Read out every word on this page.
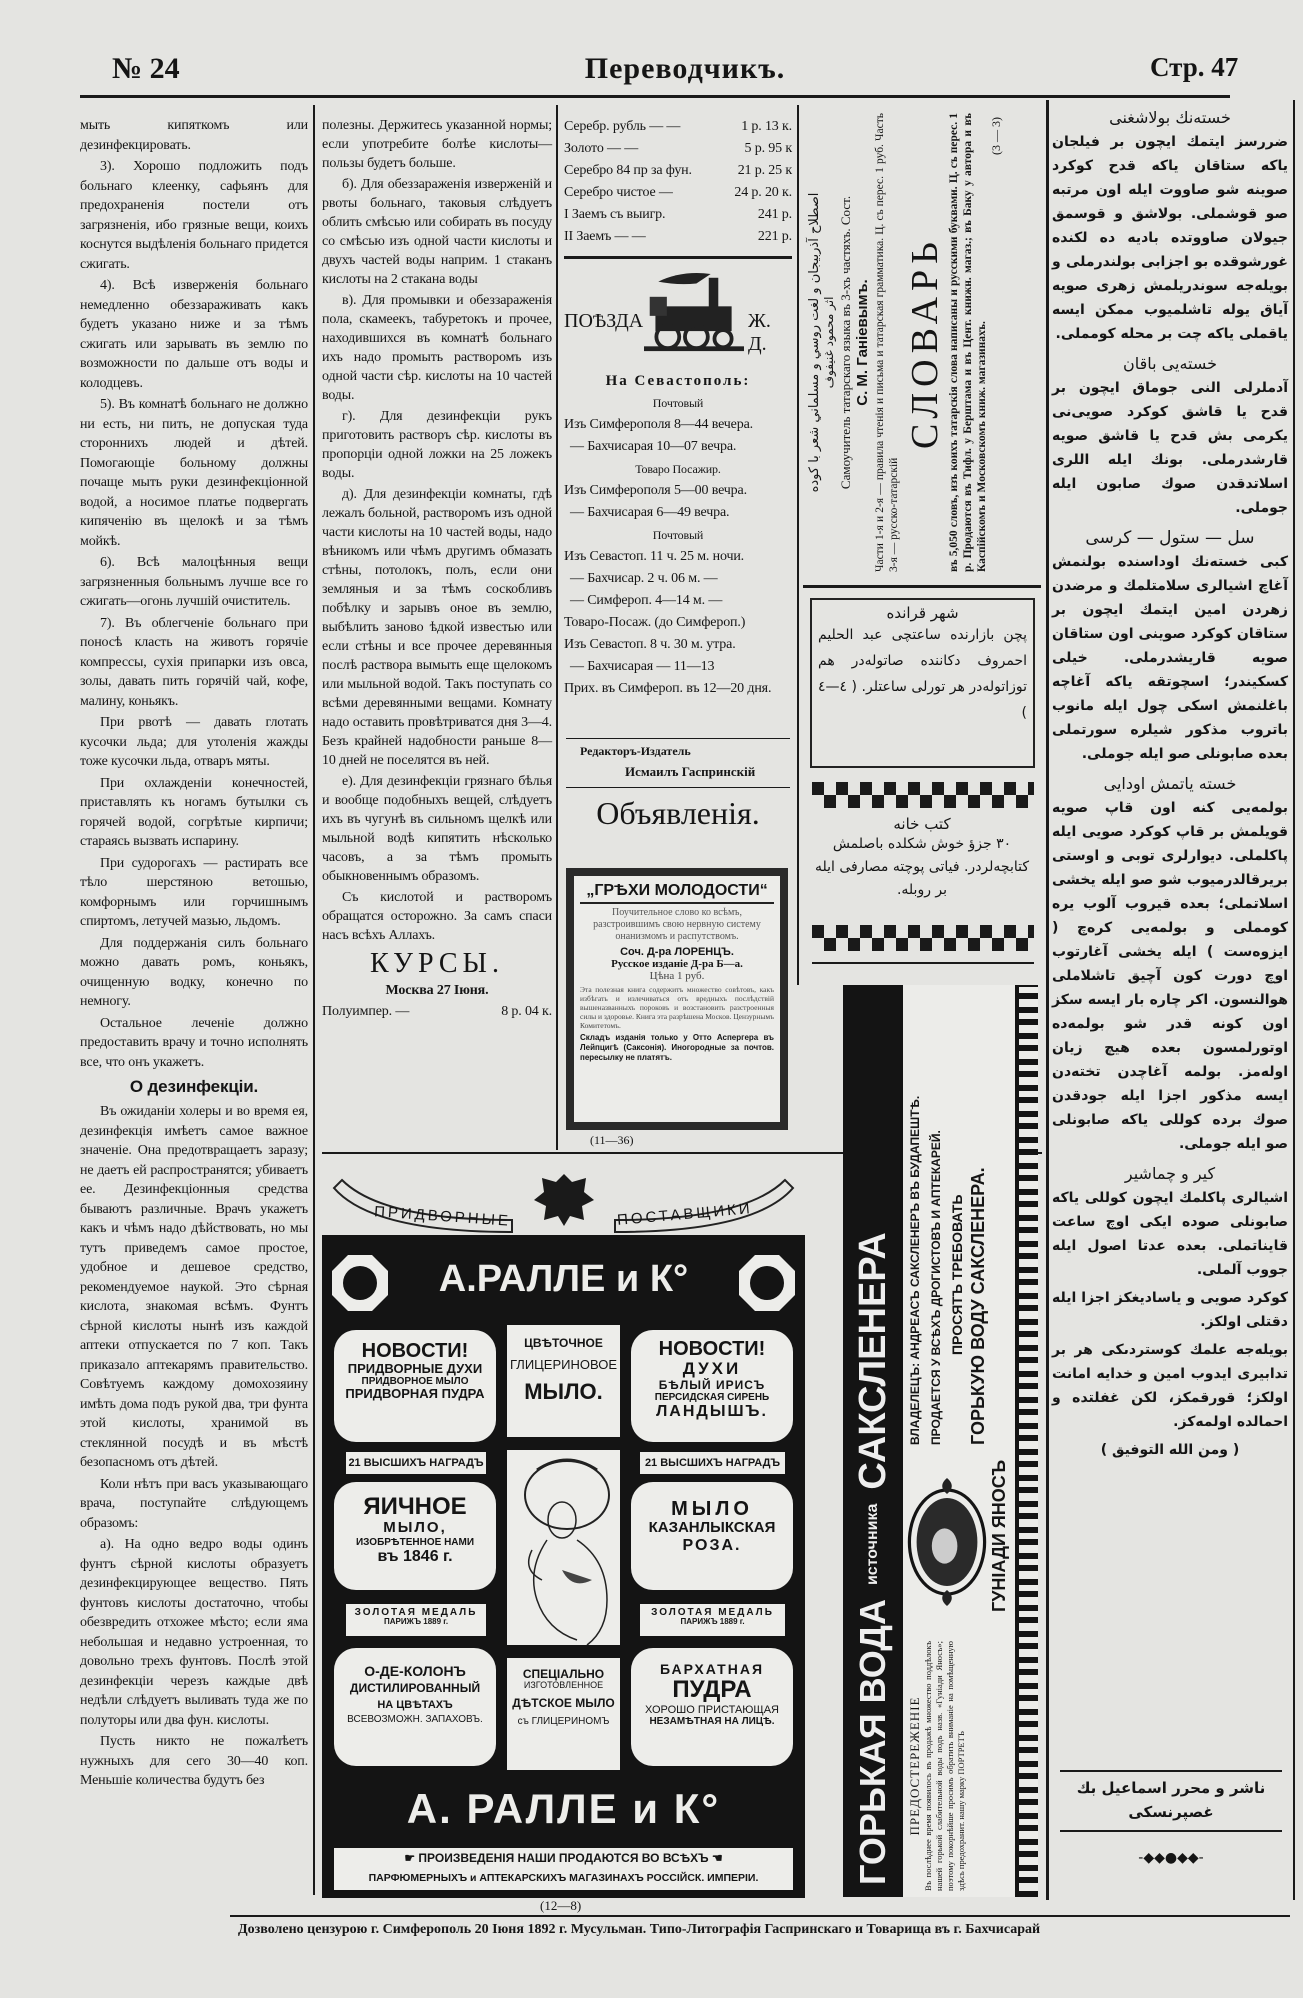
№ 24	Переводчикъ.	Стр. 47

мыть кипяткомъ или дезинфекцировать.

3). Хорошо подложить подъ больнаго клеенку, сафьянъ для предохраненія постели отъ загрязненія, ибо грязные вещи, коихъ коснутся выдѣленія больнаго придется сжигать.

4). Всѣ изверженія больнаго немедленно обеззараживать какъ будетъ указано ниже и за тѣмъ сжигать или зарывать въ землю по возможности по дальше отъ воды и колодцевъ.

5). Въ комнатѣ больнаго не должно ни есть, ни пить, не допуская туда стороннихъ людей и дѣтей. Помогающіе больному должны почаще мыть руки дезинфекціонной водой, а носимое платье подвергать кипяченію въ щелокѣ и за тѣмъ мойкѣ.

6). Всѣ малоцѣнныя вещи загрязненныя больнымъ лучше все го сжигать—огонь лучшій очиститель.

7). Въ облегченіе больнаго при поносѣ класть на животъ горячіе компрессы, сухія припарки изъ овса, золы, давать пить горячій чай, кофе, малину, коньякъ.

При рвотѣ — давать глотать кусочки льда; для утоленія жажды тоже кусочки льда, отваръ мяты.

При охлажденіи конечностей, приставлять къ ногамъ бутылки съ горячей водой, согрѣтые кирпичи; стараясь вызвать испарину.

При судорогахъ — растирать все тѣло шерстяною ветошью, комфорнымъ или горчишнымъ спиртомъ, летучей мазью, льдомъ.

Для поддержанія силъ больнаго можно давать ромъ, коньякъ, очищенную водку, конечно по немногу.

Остальное леченіе должно предоставить врачу и точно исполнять все, что онъ укажетъ.

О дезинфекціи.

Въ ожиданіи холеры и во время ея, дезинфекція имѣетъ самое важное значеніе. Она предотвращаетъ заразу; не даетъ ей распространятся; убиваетъ ее. Дезинфекціонныя средства бываютъ различные. Врачъ укажетъ какъ и чѣмъ надо дѣйствовать, но мы тутъ приведемъ самое простое, удобное и дешевое средство, рекомендуемое наукой. Это сѣрная кислота, знакомая всѣмъ. Фунтъ сѣрной кислоты нынѣ изъ каждой аптеки отпускается по 7 коп. Такъ приказало аптекарямъ правительство. Совѣтуемъ каждому домохозяину имѣть дома подъ рукой два, три фунта этой кислоты, хранимой въ стеклянной посудѣ и въ мѣстѣ безопасномъ отъ дѣтей.

Коли нѣтъ при васъ указывающаго врача, поступайте слѣдующемъ образомъ:

а). На одно ведро воды одинъ фунтъ сѣрной кислоты образуетъ дезинфекцирующее вещество. Пять фунтовъ кислоты достаточно, чтобы обезвредить отхожее мѣсто; если яма небольшая и недавно устроенная, то довольно трехъ фунтовъ. Послѣ этой дезинфекціи черезъ каждые двѣ недѣли слѣдуетъ выливать туда же по полуторы или два фун. кислоты.

Пусть никто не пожалѣетъ нужныхъ для сего 30—40 коп. Меньшіе количества будутъ без

полезны. Держитесь указанной нормы; если употребите болѣе кислоты—пользы будетъ больше.

б). Для обеззараженія изверженій и рвоты больнаго, таковыя слѣдуетъ облить смѣсью или собирать въ посуду со смѣсью изъ одной части кислоты и двухъ частей воды наприм. 1 стаканъ кислоты на 2 стакана воды

в). Для промывки и обеззараженія пола, скамеекъ, табуретокъ и прочее, находившихся въ комнатѣ больнаго ихъ надо промыть растворомъ изъ одной части сѣр. кислоты на 10 частей воды.

г). Для дезинфекціи рукъ приготовить растворъ сѣр. кислоты въ пропорціи одной ложки на 25 ложекъ воды.

д). Для дезинфекціи комнаты, гдѣ лежалъ больной, растворомъ изъ одной части кислоты на 10 частей воды, надо вѣникомъ или чѣмъ другимъ обмазать стѣны, потолокъ, полъ, если они земляныя и за тѣмъ соскобливъ побѣлку и зарывъ оное въ землю, выбѣлить заново ѣдкой известью или если стѣны и все прочее деревянныя послѣ раствора вымыть еще щелокомъ или мыльной водой. Такъ поступать со всѣми деревянными вещами. Комнату надо оставить провѣтриватся дня 3—4. Безъ крайней надобности раньше 8—10 дней не поселятся въ ней.

е). Для дезинфекціи грязнаго бѣлья и вообще подобныхъ вещей, слѣдуетъ ихъ въ чугунѣ въ сильномъ щелкѣ или мыльной водѣ кипятить нѣсколько часовъ, а за тѣмъ промыть обыкновеннымъ образомъ.

Съ кислотой и растворомъ обращатся осторожно. За самъ спаси насъ всѣхъ Аллахъ.

КУРСЫ.
Москва 27 Іюня.
Полуимпер. —	8 р. 04 к.
Серебр. рубль — —	1 р. 13 к.
Золото — —	5 р. 95 к
Серебро 84 пр за фун.	21 р. 25 к
Серебро чистое —	24 р. 20 к.
I Заемъ съ выигр.	241 р.
II Заемъ — —	221 р.
ПОѢЗДА	Ж. Д.
На Севастополь:
Почтовый
Изъ Симферополя 8—44 вечера.
— Бахчисарая 10—07 вечра.
Товаро Посажир.
Изъ Симферополя 5—00 вечра.
— Бахчисарая 6—49 вечра.
Почтовый
Изъ Севастоп. 11 ч. 25 м. ночи.
— Бахчисар. 2 ч. 06 м. —
— Симфероп. 4—14 м. —
Товаро-Посаж. (до Симфероп.)
Изъ Севастоп. 8 ч. 30 м. утра.
— Бахчисарая — 11—13
Прих. въ Симфероп. въ 12—20 дня.
Редакторъ-Издатель
Исмаилъ Гаспринскій
Объявленія.
„ГРѢХИ МОЛОДОСТИ“
Поучительное слово ко всѣмъ, разстроившимъ свою нервную систему онанизмомъ и распутствомъ.
Соч. Д-ра ЛОРЕНЦЪ.
Русское изданіе Д-ра Б—а.
Цѣна 1 руб.
Эта полезная книга содержитъ множество совѣтовъ, какъ избѣгать и излечиваться отъ вредныхъ послѣдствій вышеназванныхъ пороковъ и возстановить разстроенныя силы и здоровье. Книга эта разрѣшена Москов. Цензурнымъ Комитетомъ.
Складъ изданія только у Отто Аспергера въ Лейпцигѣ (Саксонія). Иногородные за почтов. пересылку не платятъ.
(11—36)
اصطلاح آذربيجان و لغت روسي و مسلماني شعر با كوده اثر محمود غنيفوف Самоучитель татарскаго языка въ 3-хъ частяхъ. Сост. С. М. Ганіевымъ. Части 1-я и 2-я — правила чтенія и письма и татарская грамматика. Ц. съ перес. 1 руб. Часть 3-я — русско-татарскій
СЛОВАРЬ въ 5,050 словъ, изъ коихъ татарскія слова написаны и русскими буквами. Ц. съ перес. 1 р. Продаются въ Тифл. у Берштама и въ Цент. книжн. магаз.; въ Баку у автора и въ Каспійскомъ и Московскомъ книж. магазинахъ.
(3 — 3)
شهر قرانده
پچن بازارنده ساعتچى عبد الحليم احمروف دكاننده صاتوله‌در هم توزاتوله‌در هر تورلى ساعتلر. ( ٤—٤ )
كتب خانه
٣٠ جزؤ خوش شكلده باصلمش كتابچه‌لردر. فياتى پوچته مصارفى ايله بر روبله.
ГОРЬКАЯ ВОДА
источника
САКСЛЕНЕРА
ПРЕДОСТЕРЕЖЕНІЕ Въ послѣднее время появилось въ продажѣ множество поддѣлокъ нашей горькой слабительной воды подъ назв. «Гуніади Яносъ»; поэтому покорнѣйше просимъ обратить вниманіе на помѣщенную здѣсь предохранит. нашу марку ПОРТРЕТЪ
ГУНІАДИ ЯНОСЪ
ВЛАДЕЛЕЦЪ: АНДРЕАСЪ САКСЛЕНЕРЪ ВЪ БУДАПЕШТѢ. ПРОДАЕТСЯ У ВСѢХЪ ДРОГИСТОВЪ И АПТЕКАРЕЙ. ПРОСЯТЪ ТРЕБОВАТЬ ГОРЬКУЮ ВОДУ САКСЛЕНЕРА.
ПРИДВОРНЫЕ	ПОСТАВЩИКИ
А.РАЛЛЕ и К°
НОВОСТИ!
ПРИДВОРНЫЕ ДУХИ
ПРИДВОРНОЕ МЫЛО
ПРИДВОРНАЯ ПУДРА
ЦВѢТОЧНОЕ
ГЛИЦЕРИНОВОЕ
МЫЛО.
НОВОСТИ!
ДУХИ
БѢЛЫЙ ИРИСЪ
ПЕРСИДСКАЯ СИРЕНЬ
ЛАНДЫШЪ.
21 ВЫСШИХЪ НАГРАДЪ	21 ВЫСШИХЪ НАГРАДЪ
ЯИЧНОЕ
МЫЛО,
ИЗОБРѢТЕННОЕ НАМИ
въ 1846 г.
МЫЛО
КАЗАНЛЫКСКАЯ
РОЗА.
ЗОЛОТАЯ МЕДАЛЬ
ПАРИЖЪ 1889 г.
ЗОЛОТАЯ МЕДАЛЬ
ПАРИЖЪ 1889 г.
О-ДЕ-КОЛОНЪ
ДИСТИЛИРОВАННЫЙ
НА ЦВѢТАХЪ
ВСЕВОЗМОЖН. ЗАПАХОВЪ.
СПЕЦІАЛЬНО
ИЗГОТОВЛЕННОЕ
ДѢТСКОЕ МЫЛО
съ ГЛИЦЕРИНОМЪ
БАРХАТНАЯ
ПУДРА
ХОРОШО ПРИСТАЮЩАЯ
НЕЗАМѢТНАЯ НА ЛИЦѢ.
А. РАЛЛЕ и К°
☛ ПРОИЗВЕДЕНІЯ НАШИ ПРОДАЮТСЯ ВО ВСѢХЪ ☚
ПАРФЮМЕРНЫХЪ и АПТЕКАРСКИХЪ МАГАЗИНАХЪ РОССІЙСК. ИМПЕРІИ.
(12—8)
خسته‌نك بولاشغنى
ضررسز ايتمك ايچون بر فيلجان ياكه ستاقان ياكه قدح كوكرد صوينه شو صاووت ايله اون مرتبه صو قوشملى. بولاشق و قوسمق جيولان صاووتده باديه ده لكنده غورشوقده بو اجزابى بولندرملى و بويله‌جه سوندريلمش زهرى صويه آياق يوله تاشلميوب ممكن ايسه ياقملى ياكه چت بر محله كومملى.
خسته‌يى باقان
آدملرلى النى جوماق ايچون بر قدح يا قاشق كوكرد صويى‌نى يكرمى بش قدح يا قاشق صويه قارشدرملى. بونك ايله اللرى اسلاتدقدن صوك صابون ايله جوملى.
سل — ستول — كرسى
كبى خسته‌نك اوداسنده بولنمش آغاچ اشيالرى سلامتلمك و مرضدن زهردن امين ايتمك ايچون بر ستاقان كوكرد صوينى اون ستاقان صويه قاريشدرملى. خيلى كسكيندر؛ اسچوتقه ياكه آغاچه باغلنمش اسكى چول ايله مانوب باتروب مذكور شيلره سورتملى بعده صابونلى صو ايله جوملى.
خسته ياتمش اودايى
بولمه‌يى كنه اون قاپ صويه قويلمش بر قاپ كوكرد صويى ايله پاكلملى. ديوارلرى توبى و اوستى بريرقالدرميوب شو صو ايله يخشى اسلاتملى؛ بعده قيروب آلوب يره كومملى و بولمه‌يى كرەچ ( ايزوەست ) ايله يخشى آغارتوب اوچ دورت كون آچيق تاشلاملى هوالنسون. اكر چاره بار ايسه سكز اون كونه قدر شو بولمه‌ده اوتورلمسون بعده هيچ زيان اوله‌مز. بولمه آغاچدن تخته‌دن ايسه مذكور اجزا ايله جودقدن صوك برده كوللى ياكه صابونلى صو ايله جوملى.
كير و چماشير
اشيالرى پاكلمك ايچون كوللى ياكه صابونلى صوده ايكى اوچ ساعت قايناتملى. بعده عدتا اصول ايله جووب آلملى.
كوكرد صويى و ياساديغكز اجزا ايله دقتلى اولكز.
بويله‌جه علمك كوستردىكى هر بر تدابيرى ايدوب امين و خدايه امانت اولكز؛ قورقمكز، لكن غفلتده و احمالده اولمه‌كز.
( ومن الله التوفيق )
ناشر و محرر اسماعيل بك غصپرنسكى
-◆◆●◆◆-
Дозволено цензурою г. Симферополь 20 Іюня 1892 г. Мусульман. Типо-Литографія Гаспринскаго и Товарища въ г. Бахчисарай
